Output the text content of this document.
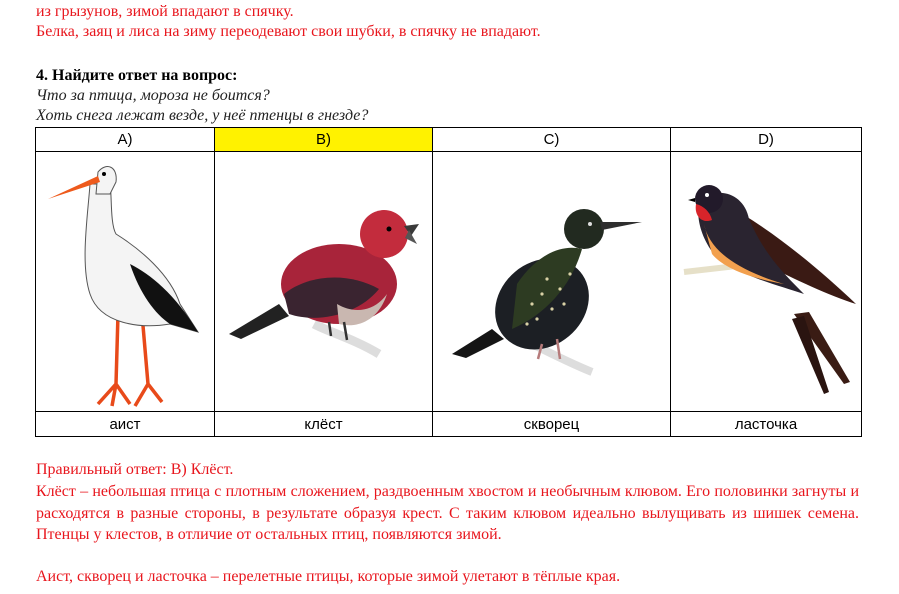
из грызунов, зимой впадают в спячку.
Белка, заяц и лиса на зиму переодевают свои шубки, в спячку не впадают.
4. Найдите ответ на вопрос:
Что за птица, мороза не боится?
Хоть снега лежат везде, у неё птенцы в гнезде?
A)	B)	C)	D)

аист	клёст	скворец	ласточка
Правильный ответ: B) Клёст.
Клёст – небольшая птица с плотным сложением, раздвоенным хвостом и необычным клювом. Его половинки загнуты и расходятся в разные стороны, в результате образуя крест. С таким клювом идеально вылущивать из шишек семена. Птенцы у клестов, в отличие от остальных птиц, появляются зимой.
Аист, скворец и ласточка – перелетные птицы, которые зимой улетают в тёплые края.
